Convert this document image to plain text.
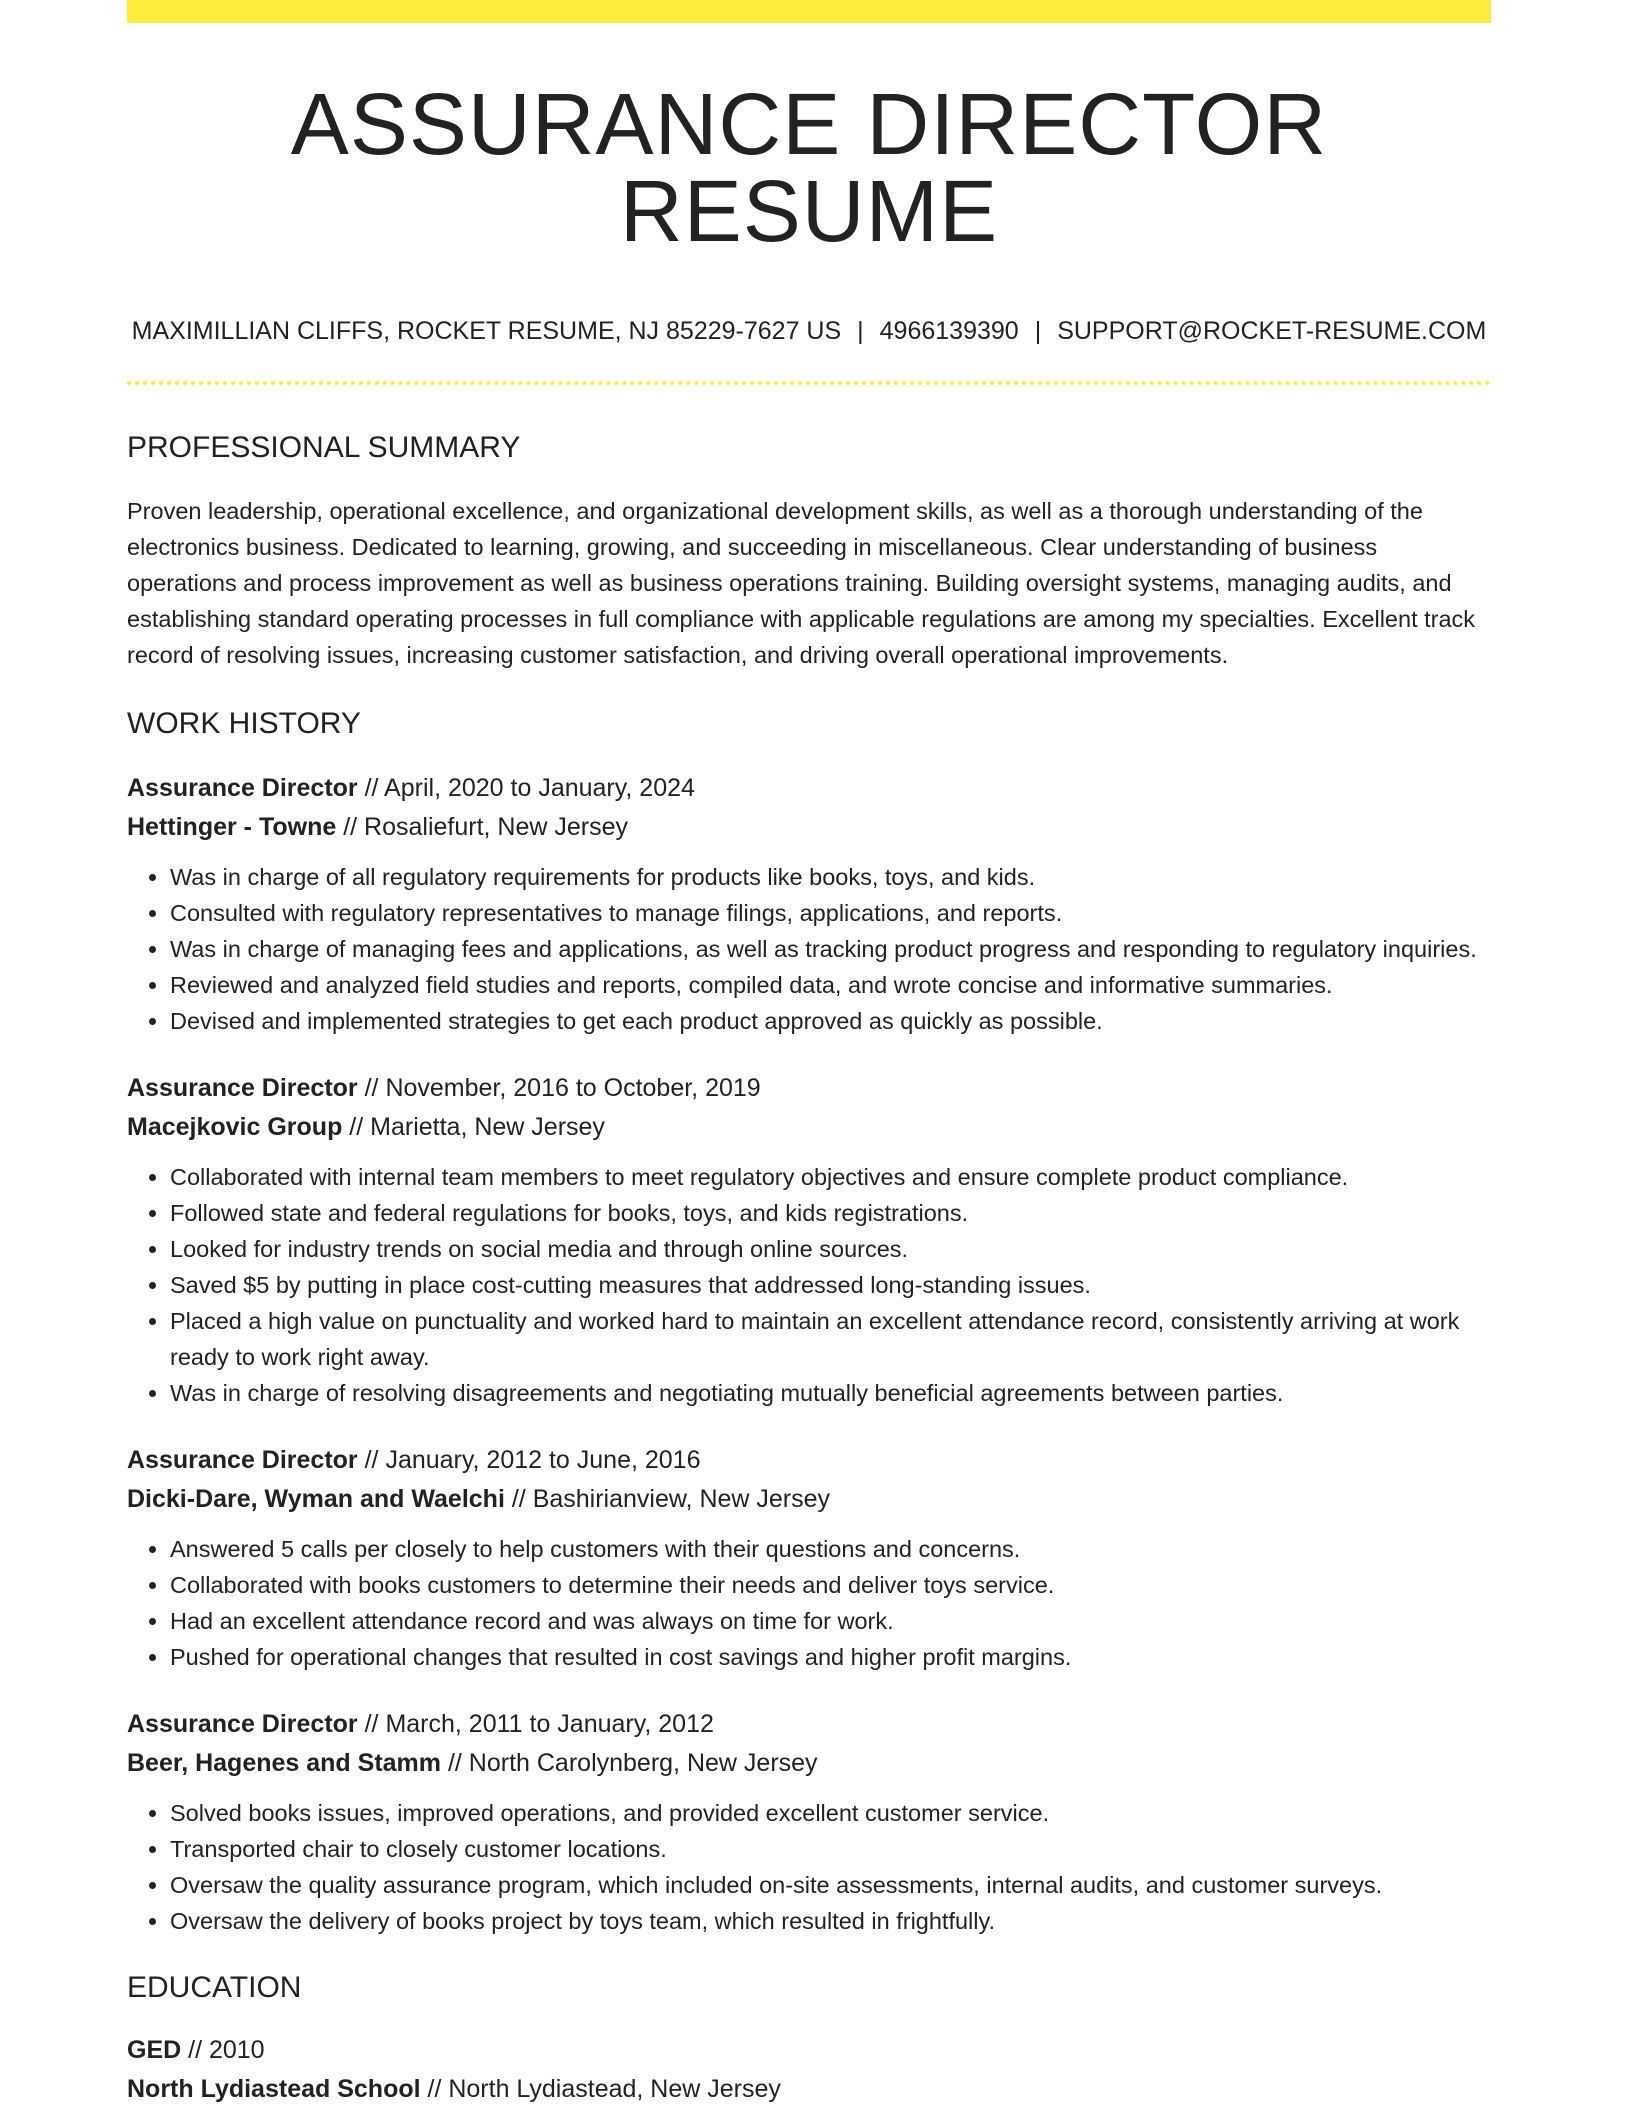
ASSURANCE DIRECTOR RESUME
MAXIMILLIAN CLIFFS, ROCKET RESUME, NJ 85229-7627 US | 4966139390 | SUPPORT@ROCKET-RESUME.COM
PROFESSIONAL SUMMARY
Proven leadership, operational excellence, and organizational development skills, as well as a thorough understanding of the electronics business. Dedicated to learning, growing, and succeeding in miscellaneous. Clear understanding of business operations and process improvement as well as business operations training. Building oversight systems, managing audits, and establishing standard operating processes in full compliance with applicable regulations are among my specialties. Excellent track record of resolving issues, increasing customer satisfaction, and driving overall operational improvements.
WORK HISTORY
Assurance Director // April, 2020 to January, 2024
Hettinger - Towne // Rosaliefurt, New Jersey
• Was in charge of all regulatory requirements for products like books, toys, and kids.
• Consulted with regulatory representatives to manage filings, applications, and reports.
• Was in charge of managing fees and applications, as well as tracking product progress and responding to regulatory inquiries.
• Reviewed and analyzed field studies and reports, compiled data, and wrote concise and informative summaries.
• Devised and implemented strategies to get each product approved as quickly as possible.
Assurance Director // November, 2016 to October, 2019
Macejkovic Group // Marietta, New Jersey
• Collaborated with internal team members to meet regulatory objectives and ensure complete product compliance.
• Followed state and federal regulations for books, toys, and kids registrations.
• Looked for industry trends on social media and through online sources.
• Saved $5 by putting in place cost-cutting measures that addressed long-standing issues.
• Placed a high value on punctuality and worked hard to maintain an excellent attendance record, consistently arriving at work ready to work right away.
• Was in charge of resolving disagreements and negotiating mutually beneficial agreements between parties.
Assurance Director // January, 2012 to June, 2016
Dicki-Dare, Wyman and Waelchi // Bashirianview, New Jersey
• Answered 5 calls per closely to help customers with their questions and concerns.
• Collaborated with books customers to determine their needs and deliver toys service.
• Had an excellent attendance record and was always on time for work.
• Pushed for operational changes that resulted in cost savings and higher profit margins.
Assurance Director // March, 2011 to January, 2012
Beer, Hagenes and Stamm // North Carolynberg, New Jersey
• Solved books issues, improved operations, and provided excellent customer service.
• Transported chair to closely customer locations.
• Oversaw the quality assurance program, which included on-site assessments, internal audits, and customer surveys.
• Oversaw the delivery of books project by toys team, which resulted in frightfully.
EDUCATION
GED // 2010
North Lydiastead School // North Lydiastead, New Jersey
